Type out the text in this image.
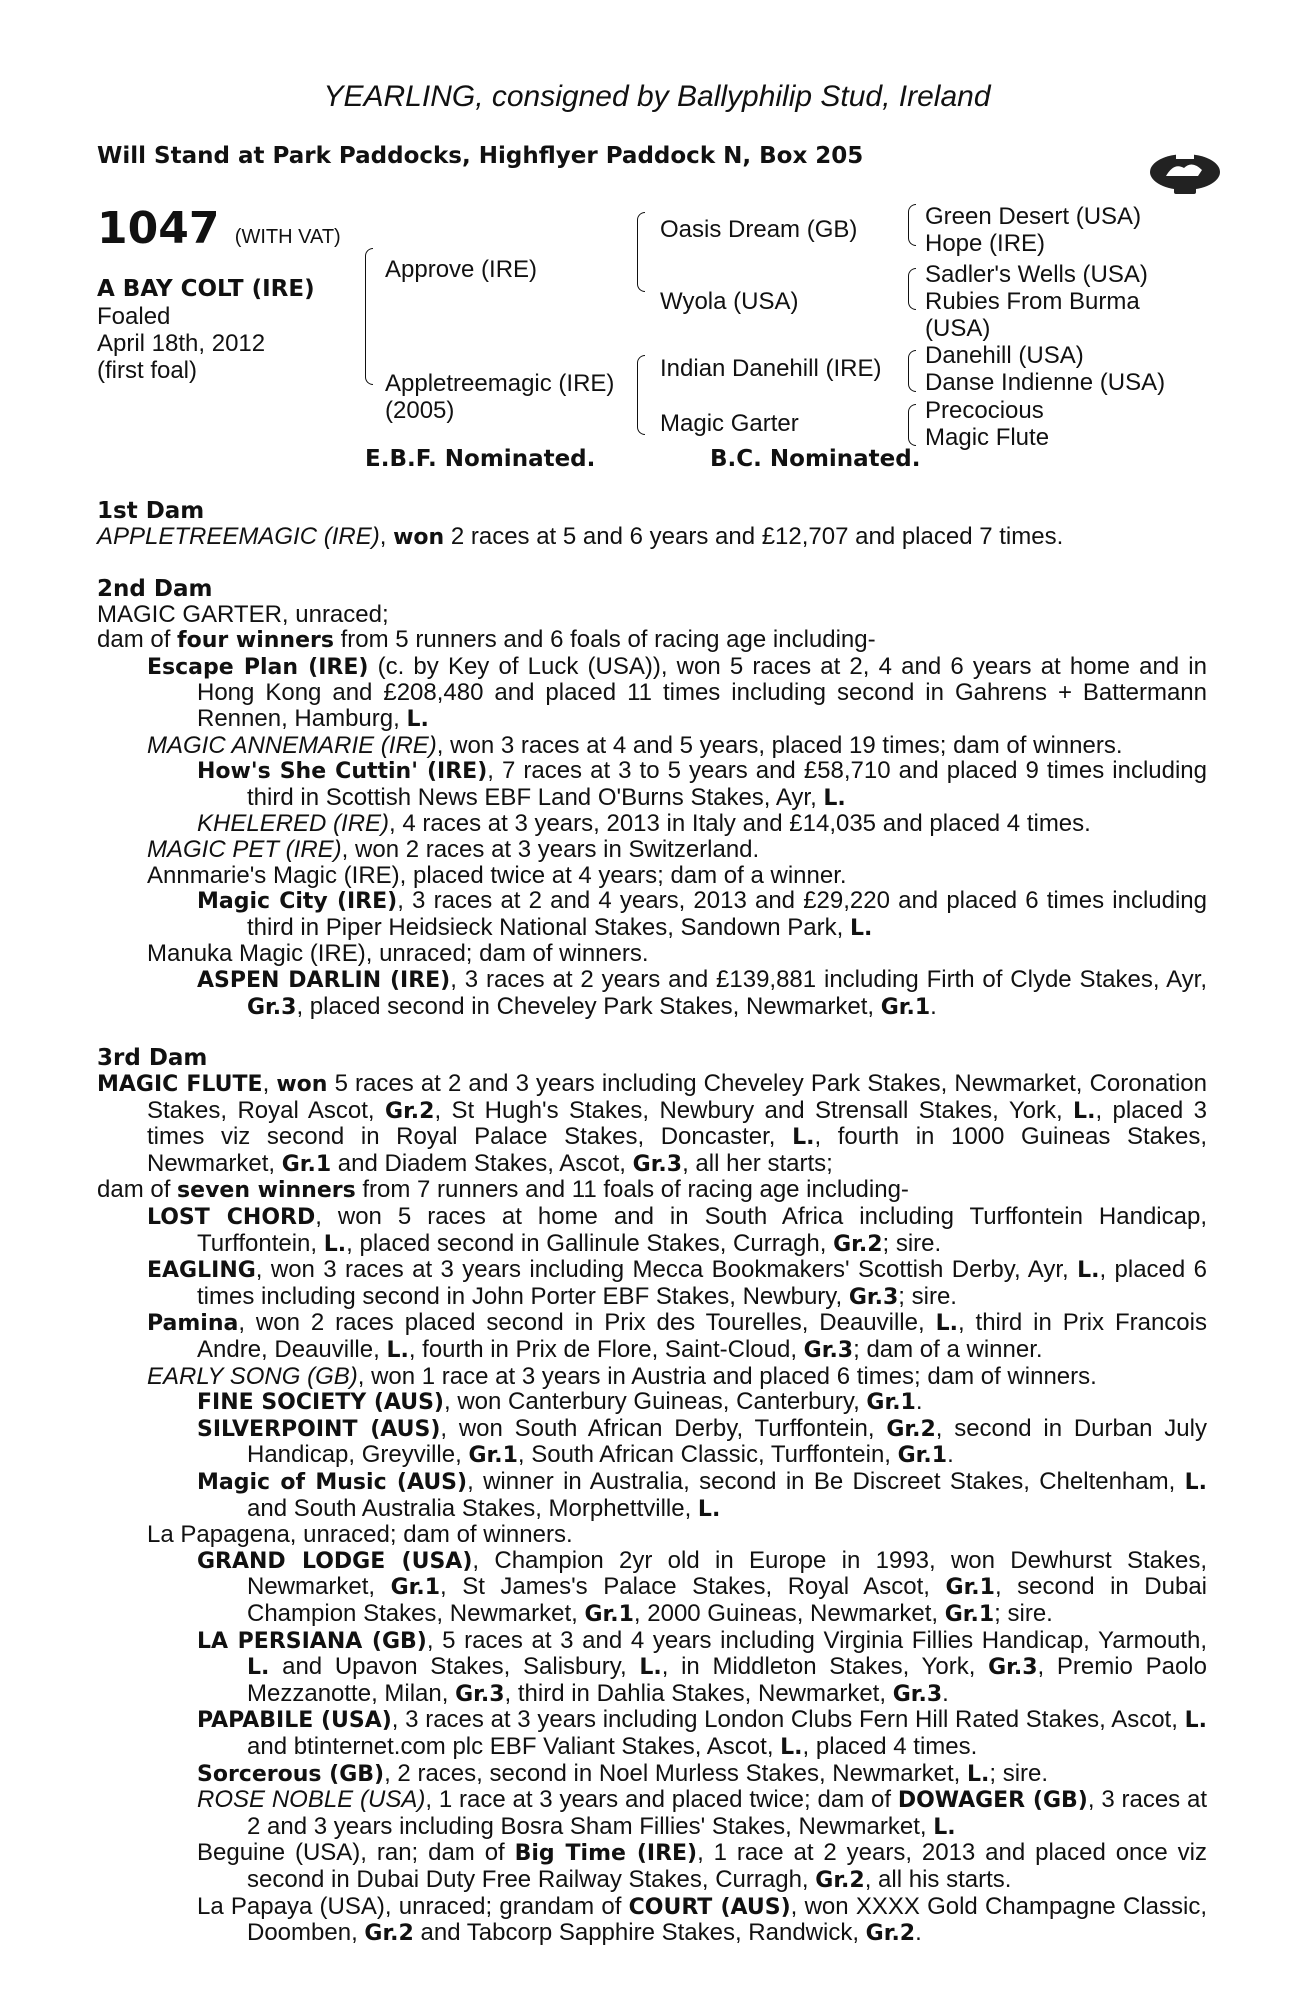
YEARLING, consigned by Ballyphilip Stud, Ireland
Will Stand at Park Paddocks, Highflyer Paddock N, Box 205
1047 (WITH VAT)
A BAY COLT (IRE)
Foaled
April 18th, 2012
(first foal)
Approve (IRE)
Appletreemagic (IRE)
(2005)
Oasis Dream (GB)
Wyola (USA)
Indian Danehill (IRE)
Magic Garter
Green Desert (USA)
Hope (IRE)
Sadler's Wells (USA)
Rubies From Burma
(USA)
Danehill (USA)
Danse Indienne (USA)
Precocious
Magic Flute
E.B.F. Nominated.	B.C. Nominated.
1st Dam
APPLETREEMAGIC (IRE), won 2 races at 5 and 6 years and £12,707 and placed 7 times.
2nd Dam
MAGIC GARTER, unraced;
dam of four winners from 5 runners and 6 foals of racing age including-
Escape Plan (IRE) (c. by Key of Luck (USA)), won 5 races at 2, 4 and 6 years at home and in Hong Kong and £208,480 and placed 11 times including second in Gahrens + Battermann Rennen, Hamburg, L.
MAGIC ANNEMARIE (IRE), won 3 races at 4 and 5 years, placed 19 times; dam of winners.
How's She Cuttin' (IRE), 7 races at 3 to 5 years and £58,710 and placed 9 times including third in Scottish News EBF Land O'Burns Stakes, Ayr, L.
KHELERED (IRE), 4 races at 3 years, 2013 in Italy and £14,035 and placed 4 times.
MAGIC PET (IRE), won 2 races at 3 years in Switzerland.
Annmarie's Magic (IRE), placed twice at 4 years; dam of a winner.
Magic City (IRE), 3 races at 2 and 4 years, 2013 and £29,220 and placed 6 times including third in Piper Heidsieck National Stakes, Sandown Park, L.
Manuka Magic (IRE), unraced; dam of winners.
ASPEN DARLIN (IRE), 3 races at 2 years and £139,881 including Firth of Clyde Stakes, Ayr, Gr.3, placed second in Cheveley Park Stakes, Newmarket, Gr.1.
3rd Dam
MAGIC FLUTE, won 5 races at 2 and 3 years including Cheveley Park Stakes, Newmarket, Coronation Stakes, Royal Ascot, Gr.2, St Hugh's Stakes, Newbury and Strensall Stakes, York, L., placed 3 times viz second in Royal Palace Stakes, Doncaster, L., fourth in 1000 Guineas Stakes, Newmarket, Gr.1 and Diadem Stakes, Ascot, Gr.3, all her starts;
dam of seven winners from 7 runners and 11 foals of racing age including-
LOST CHORD, won 5 races at home and in South Africa including Turffontein Handicap, Turffontein, L., placed second in Gallinule Stakes, Curragh, Gr.2; sire.
EAGLING, won 3 races at 3 years including Mecca Bookmakers' Scottish Derby, Ayr, L., placed 6 times including second in John Porter EBF Stakes, Newbury, Gr.3; sire.
Pamina, won 2 races placed second in Prix des Tourelles, Deauville, L., third in Prix Francois Andre, Deauville, L., fourth in Prix de Flore, Saint-Cloud, Gr.3; dam of a winner.
EARLY SONG (GB), won 1 race at 3 years in Austria and placed 6 times; dam of winners.
FINE SOCIETY (AUS), won Canterbury Guineas, Canterbury, Gr.1.
SILVERPOINT (AUS), won South African Derby, Turffontein, Gr.2, second in Durban July Handicap, Greyville, Gr.1, South African Classic, Turffontein, Gr.1.
Magic of Music (AUS), winner in Australia, second in Be Discreet Stakes, Cheltenham, L. and South Australia Stakes, Morphettville, L.
La Papagena, unraced; dam of winners.
GRAND LODGE (USA), Champion 2yr old in Europe in 1993, won Dewhurst Stakes, Newmarket, Gr.1, St James's Palace Stakes, Royal Ascot, Gr.1, second in Dubai Champion Stakes, Newmarket, Gr.1, 2000 Guineas, Newmarket, Gr.1; sire.
LA PERSIANA (GB), 5 races at 3 and 4 years including Virginia Fillies Handicap, Yarmouth, L. and Upavon Stakes, Salisbury, L., in Middleton Stakes, York, Gr.3, Premio Paolo Mezzanotte, Milan, Gr.3, third in Dahlia Stakes, Newmarket, Gr.3.
PAPABILE (USA), 3 races at 3 years including London Clubs Fern Hill Rated Stakes, Ascot, L. and btinternet.com plc EBF Valiant Stakes, Ascot, L., placed 4 times.
Sorcerous (GB), 2 races, second in Noel Murless Stakes, Newmarket, L.; sire.
ROSE NOBLE (USA), 1 race at 3 years and placed twice; dam of DOWAGER (GB), 3 races at 2 and 3 years including Bosra Sham Fillies' Stakes, Newmarket, L.
Beguine (USA), ran; dam of Big Time (IRE), 1 race at 2 years, 2013 and placed once viz second in Dubai Duty Free Railway Stakes, Curragh, Gr.2, all his starts.
La Papaya (USA), unraced; grandam of COURT (AUS), won XXXX Gold Champagne Classic, Doomben, Gr.2 and Tabcorp Sapphire Stakes, Randwick, Gr.2.
